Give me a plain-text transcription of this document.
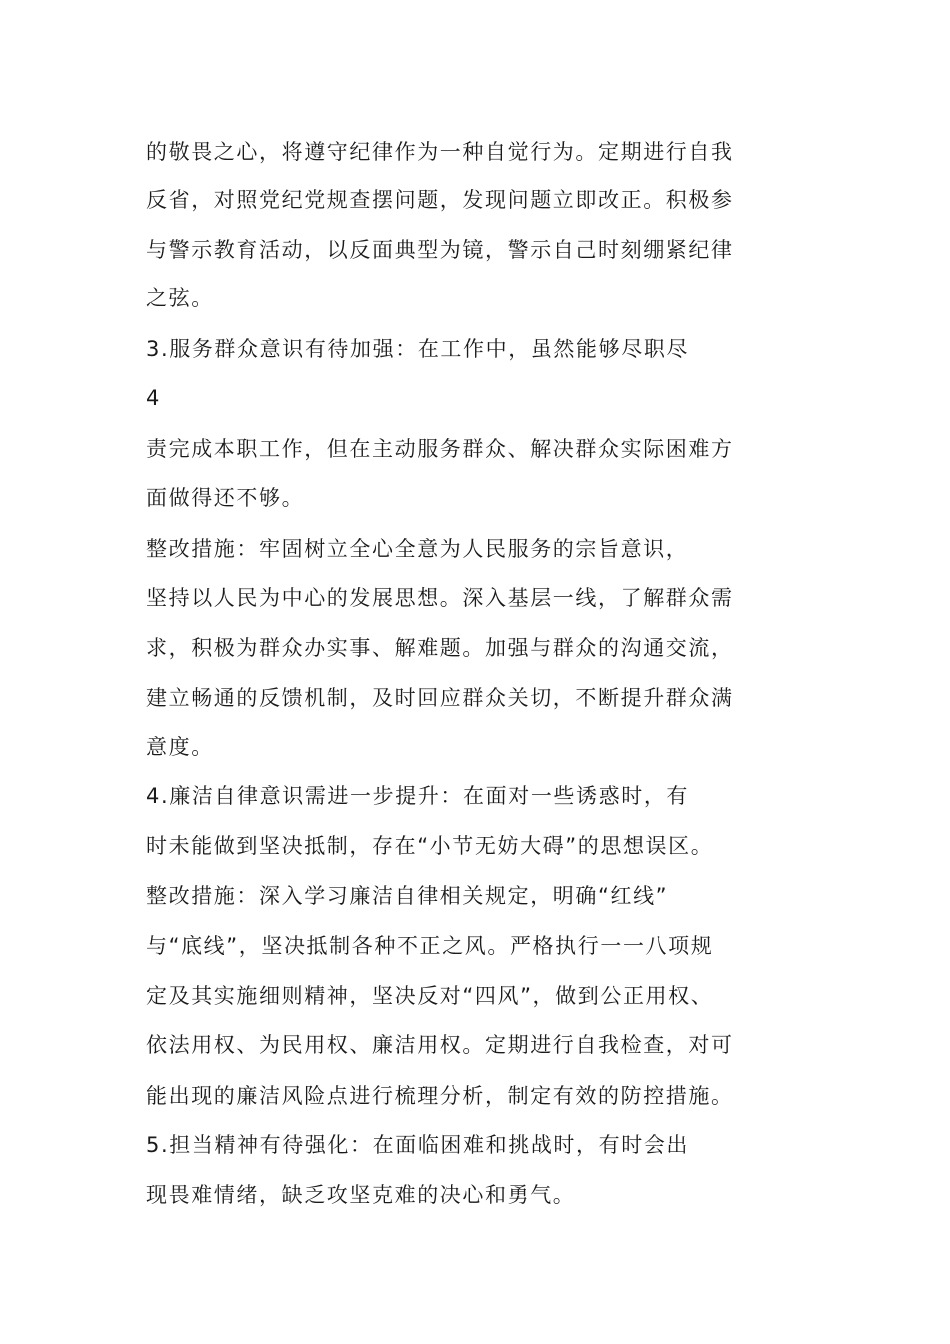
的敬畏之心，将遵守纪律作为一种自觉行为。定期进行自我
反省，对照党纪党规查摆问题，发现问题立即改正。积极参
与警示教育活动，以反面典型为镜，警示自己时刻绷紧纪律
之弦。
3.服务群众意识有待加强：在工作中，虽然能够尽职尽
4
责完成本职工作，但在主动服务群众、解决群众实际困难方
面做得还不够。
整改措施：牢固树立全心全意为人民服务的宗旨意识，
坚持以人民为中心的发展思想。深入基层一线，了解群众需
求，积极为群众办实事、解难题。加强与群众的沟通交流，
建立畅通的反馈机制，及时回应群众关切，不断提升群众满
意度。
4.廉洁自律意识需进一步提升：在面对一些诱惑时，有
时未能做到坚决抵制，存在“小节无妨大碍”的思想误区。
整改措施：深入学习廉洁自律相关规定，明确“红线”
与“底线”，坚决抵制各种不正之风。严格执行一一八项规
定及其实施细则精神，坚决反对“四风”，做到公正用权、
依法用权、为民用权、廉洁用权。定期进行自我检查，对可
能出现的廉洁风险点进行梳理分析，制定有效的防控措施。
5.担当精神有待强化：在面临困难和挑战时，有时会出
现畏难情绪，缺乏攻坚克难的决心和勇气。
